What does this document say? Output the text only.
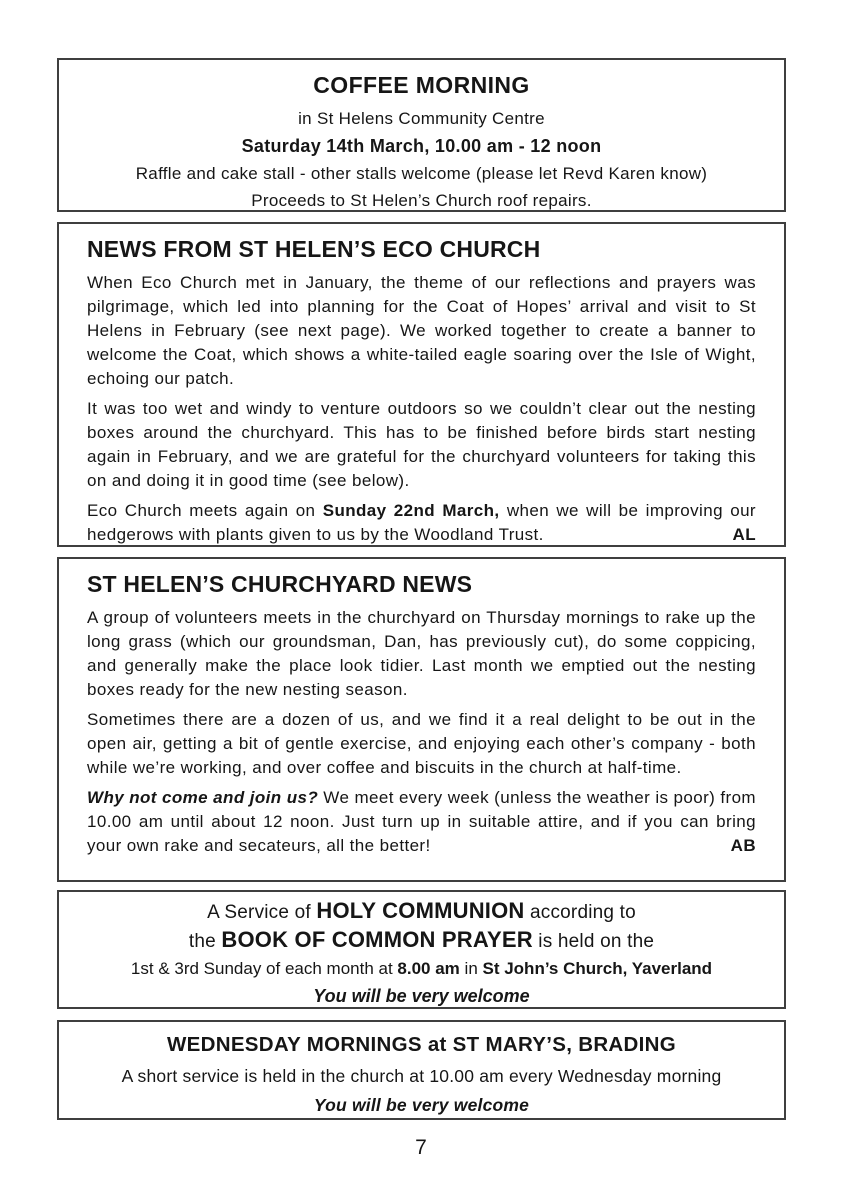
COFFEE MORNING

in St Helens Community Centre

Saturday 14th March, 10.00 am - 12 noon

Raffle and cake stall - other stalls welcome (please let Revd Karen know)

Proceeds to St Helen’s Church roof repairs.

NEWS FROM ST HELEN’S ECO CHURCH

When Eco Church met in January, the theme of our reflections and prayers was pilgrimage, which led into planning for the Coat of Hopes’ arrival and visit to St Helens in February (see next page). We worked together to create a banner to welcome the Coat, which shows a white-tailed eagle soaring over the Isle of Wight, echoing our patch.

It was too wet and windy to venture outdoors so we couldn’t clear out the nesting boxes around the churchyard. This has to be finished before birds start nesting again in February, and we are grateful for the churchyard volunteers for taking this on and doing it in good time (see below).

AL
Eco Church meets again on Sunday 22nd March, when we will be improving our hedgerows with plants given to us by the Woodland Trust.
ST HELEN’S CHURCHYARD NEWS

A group of volunteers meets in the churchyard on Thursday mornings to rake up the long grass (which our groundsman, Dan, has previously cut), do some coppicing, and generally make the place look tidier. Last month we emptied out the nesting boxes ready for the new nesting season.

Sometimes there are a dozen of us, and we find it a real delight to be out in the open air, getting a bit of gentle exercise, and enjoying each other’s company - both while we’re working, and over coffee and biscuits in the church at half-time.

AB
Why not come and join us? We meet every week (unless the weather is poor) from 10.00 am until about 12 noon. Just turn up in suitable attire, and if you can bring your own rake and secateurs, all the better!

A Service of HOLY COMMUNION according to

the BOOK OF COMMON PRAYER is held on the

1st & 3rd Sunday of each month at 8.00 am in St John’s Church, Yaverland

You will be very welcome

WEDNESDAY MORNINGS at ST MARY’S, BRADING

A short service is held in the church at 10.00 am every Wednesday morning

You will be very welcome

7
